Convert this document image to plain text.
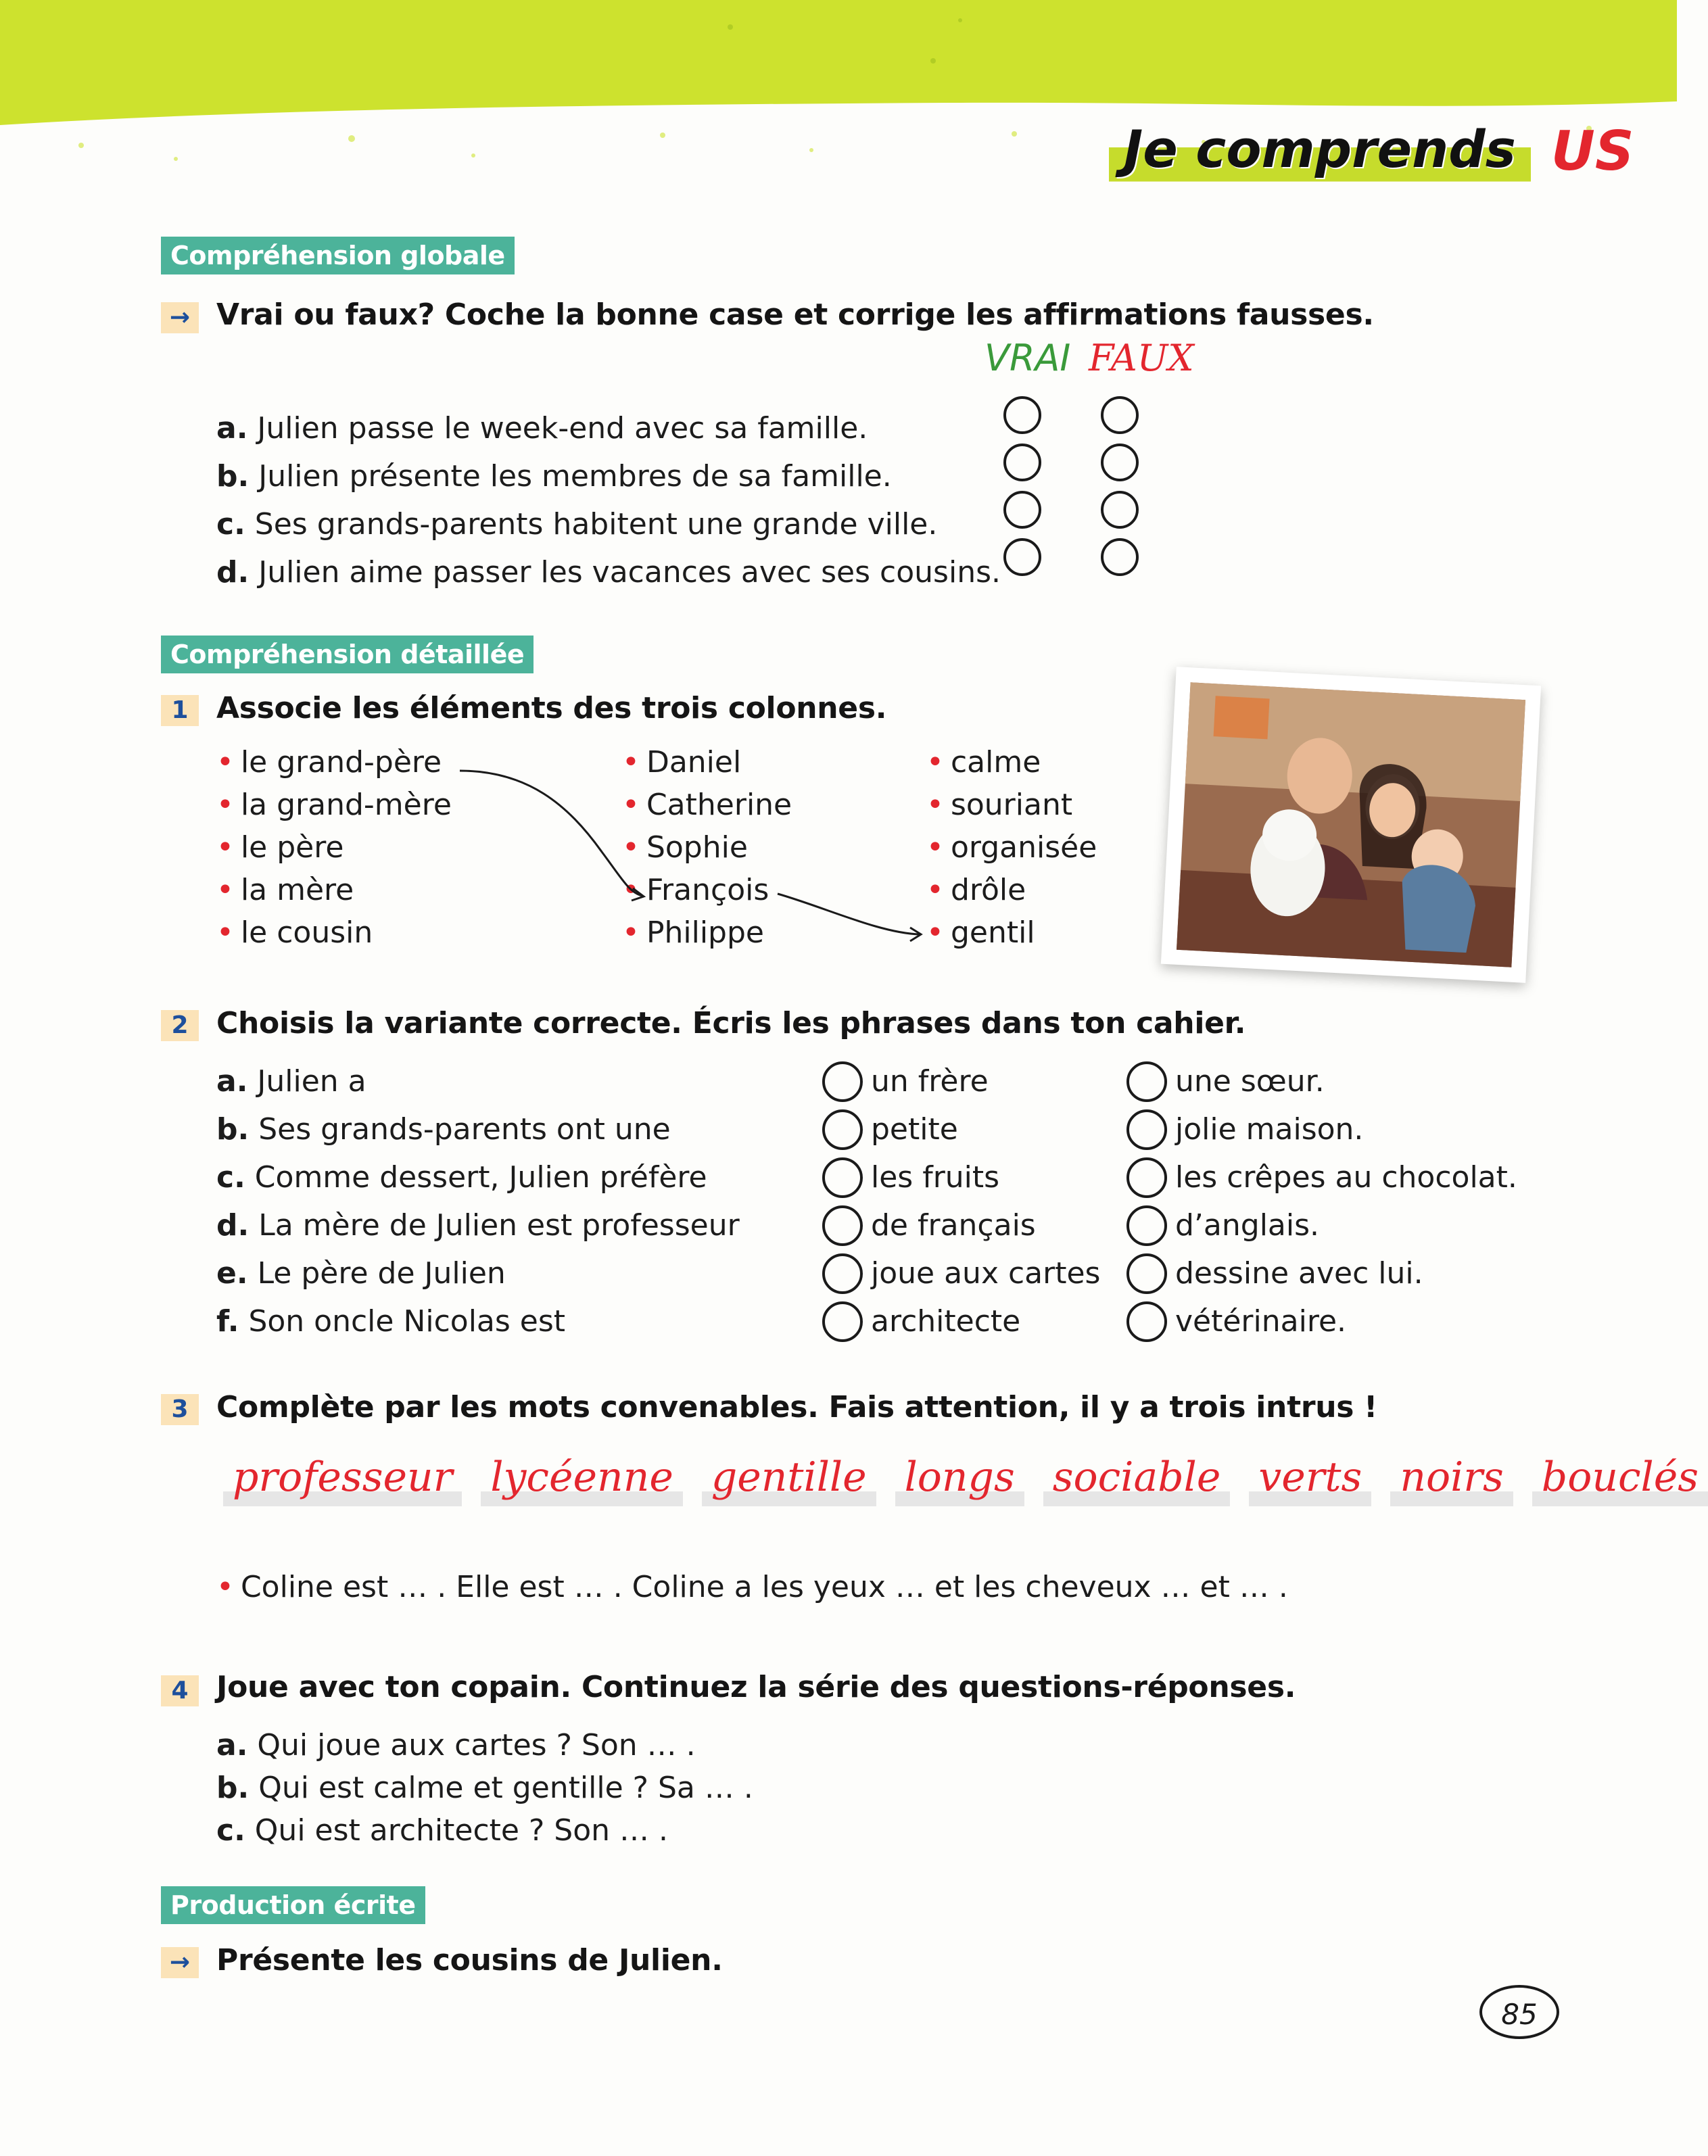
Je comprends US
Compréhension globale
→ Vrai ou faux? Coche la bonne case et corrige les affirmations fausses.
VRAI FAUX
a. Julien passe le week-end avec sa famille.
b. Julien présente les membres de sa famille.
c. Ses grands-parents habitent une grande ville.
d. Julien aime passer les vacances avec ses cousins.
Compréhension détaillée
1 Associe les éléments des trois colonnes.
• le grand-père
• la grand-mère
• le père
• la mère
• le cousin
• Daniel
• Catherine
• Sophie
• François
• Philippe
• calme
• souriant
• organisée
• drôle
• gentil
2 Choisis la variante correcte. Écris les phrases dans ton cahier.
a. Julien a
b. Ses grands-parents ont une
c. Comme dessert, Julien préfère
d. La mère de Julien est professeur
e. Le père de Julien
f. Son oncle Nicolas est
un frère
petite
les fruits
de français
joue aux cartes
architecte
une sœur.
jolie maison.
les crêpes au chocolat.
d’anglais.
dessine avec lui.
vétérinaire.
3 Complète par les mots convenables. Fais attention, il y a trois intrus !
professeur lycéenne gentille longs sociable verts noirs bouclés
• Coline est … . Elle est … . Coline a les yeux … et les cheveux … et … .
4 Joue avec ton copain. Continuez la série des questions-réponses.
a. Qui joue aux cartes ? Son … .
b. Qui est calme et gentille ? Sa … .
c. Qui est architecte ? Son … .
Production écrite
→ Présente les cousins de Julien.
85
